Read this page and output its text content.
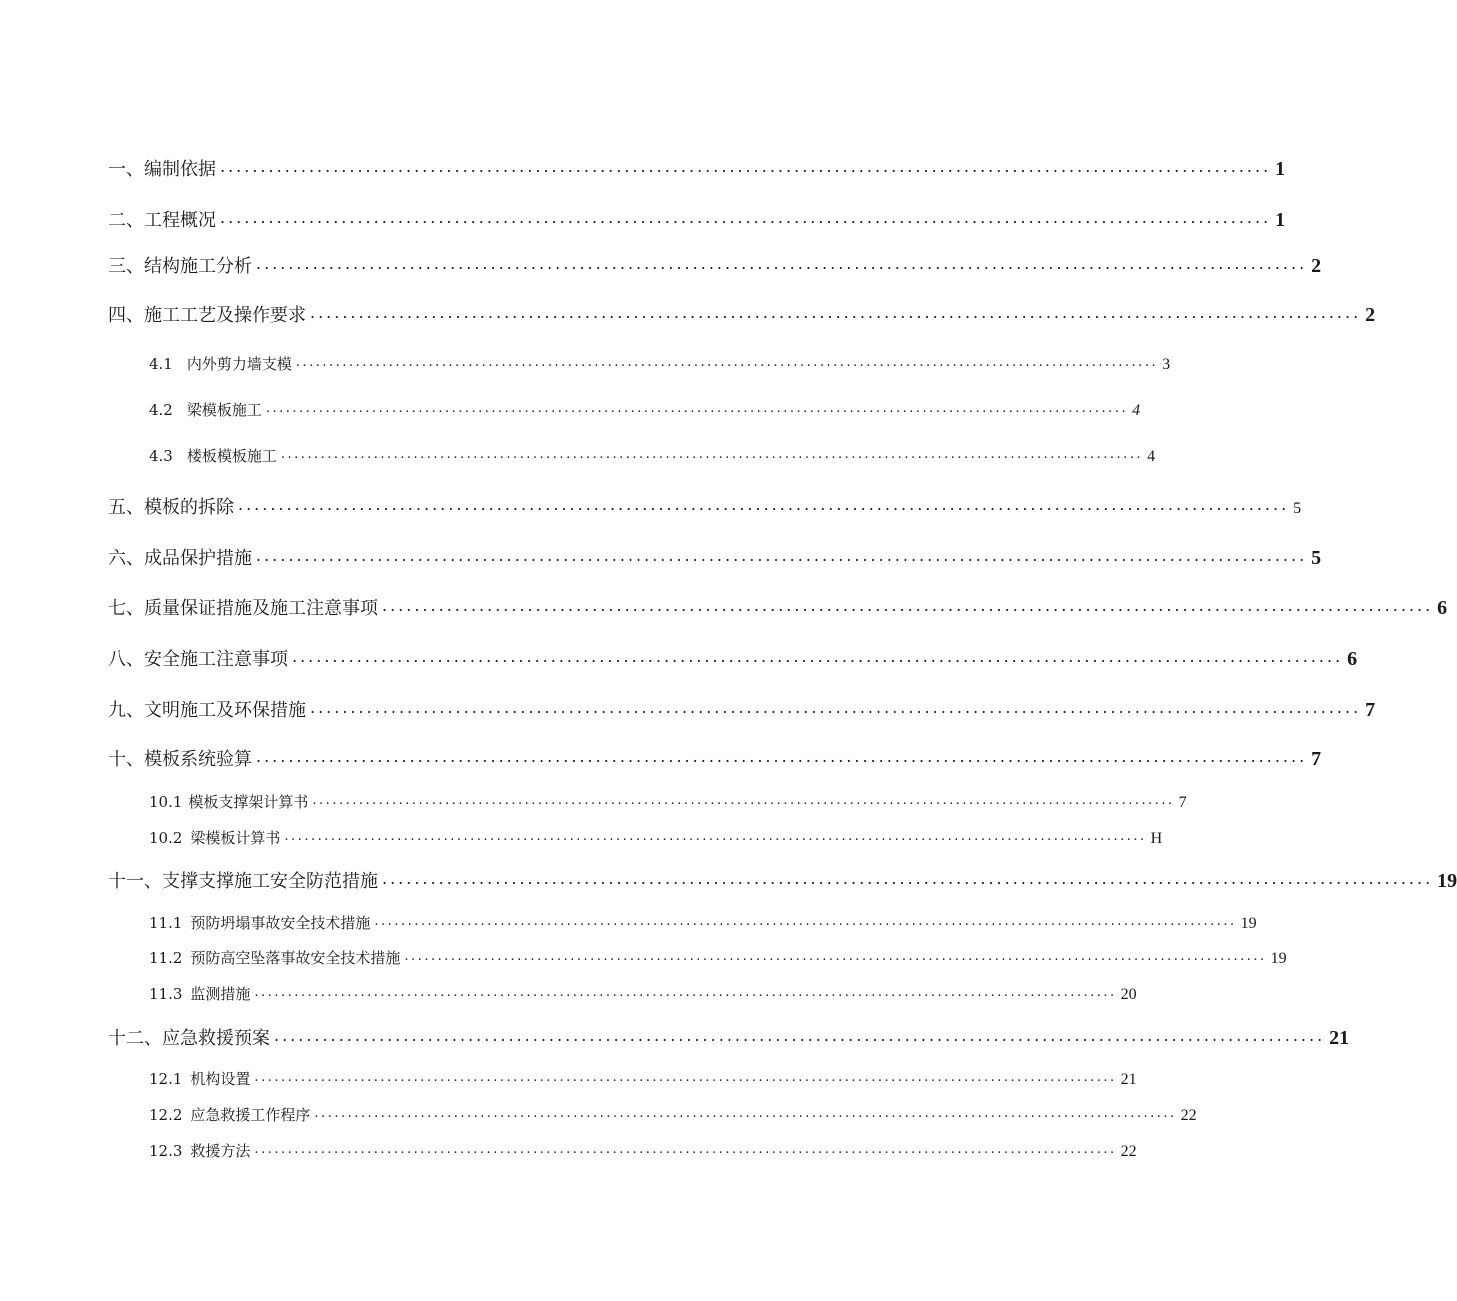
一、编制依据 .................................................................................................................................. 1
二、工程概况 .................................................................................................................................. 1
三、结构施工分析 .................................................................................................................................. 2
四、施工工艺及操作要求 .................................................................................................................................. 2
4.1 内外剪力墙支模 .................................................................................................................................. 3
4.2 梁模板施工 .................................................................................................................................. 4
4.3 楼板模板施工 .................................................................................................................................. 4
五、模板的拆除 .................................................................................................................................. 5
六、成品保护措施 .................................................................................................................................. 5
七、质量保证措施及施工注意事项 .................................................................................................................................. 6
八、安全施工注意事项 .................................................................................................................................. 6
九、文明施工及环保措施 .................................................................................................................................. 7
十、模板系统验算 .................................................................................................................................. 7
10.1 模板支撑架计算书 .................................................................................................................................. 7
10.2 梁模板计算书 .................................................................................................................................. H
十一、支撑支撑施工安全防范措施 .................................................................................................................................. 19
11.1 预防坍塌事故安全技术措施 .................................................................................................................................. 19
11.2 预防高空坠落事故安全技术措施 .................................................................................................................................. 19
11.3 监测措施 .................................................................................................................................. 20
十二、应急救援预案 .................................................................................................................................. 21
12.1 机构设置 .................................................................................................................................. 21
12.2 应急救援工作程序 .................................................................................................................................. 22
12.3 救援方法 .................................................................................................................................. 22
